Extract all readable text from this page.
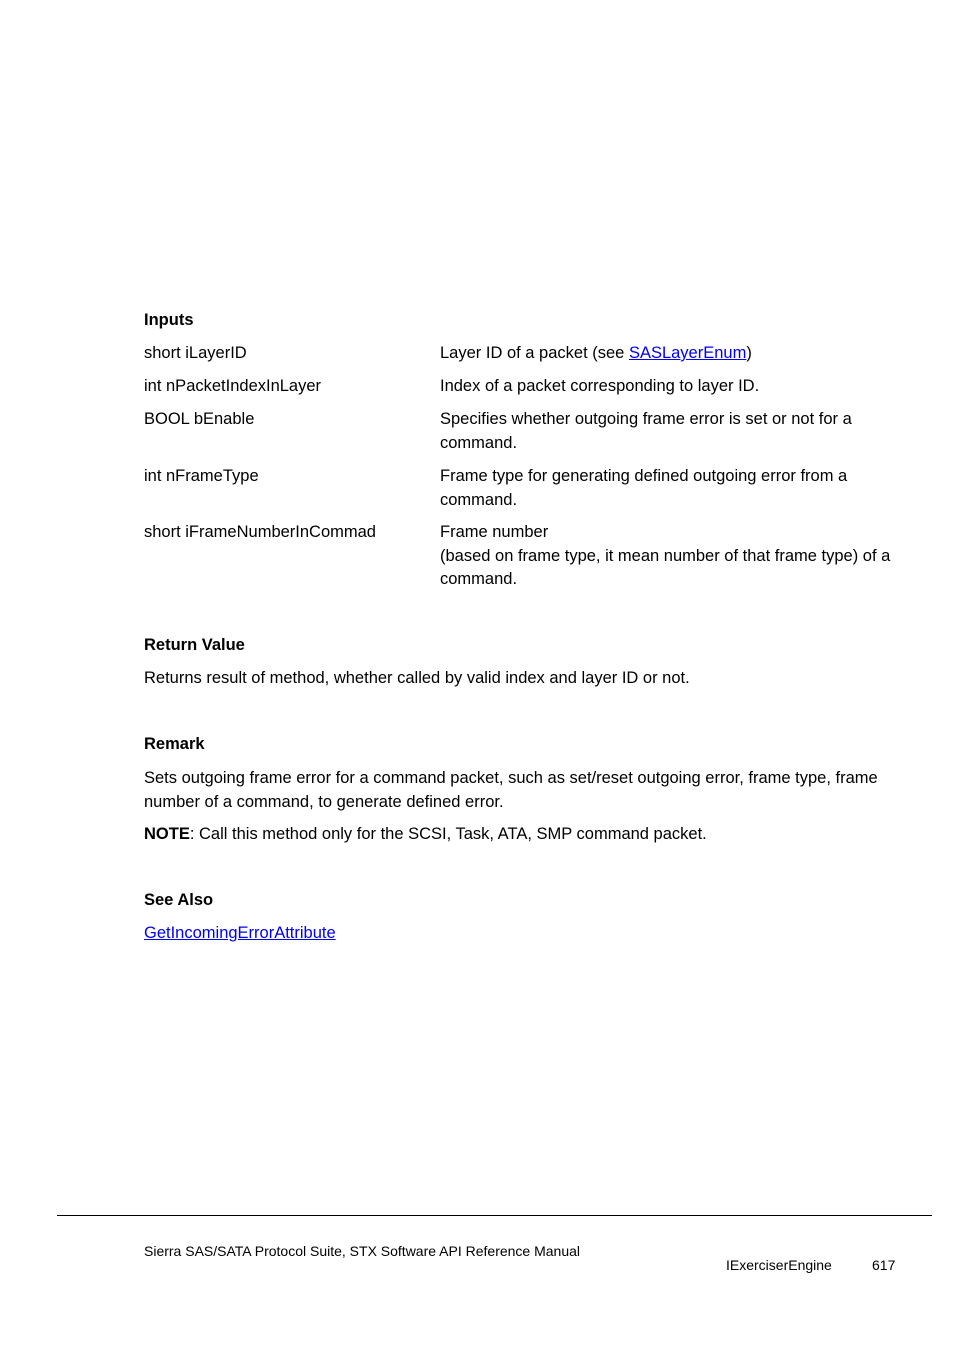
Inputs
short iLayerID	Layer ID of a packet (see SASLayerEnum)
int nPacketIndexInLayer	Index of a packet corresponding to layer ID.
BOOL bEnable	Specifies whether outgoing frame error is set or not for a command.
int nFrameType	Frame type for generating defined outgoing error from a command.
short iFrameNumberInCommad	Frame number
(based on frame type, it mean number of that frame type) of a command.
Return Value
Returns result of method, whether called by valid index and layer ID or not.
Remark
Sets outgoing frame error for a command packet, such as set/reset outgoing error, frame type, frame number of a command, to generate defined error.
NOTE: Call this method only for the SCSI, Task, ATA, SMP command packet.
See Also
GetIncomingErrorAttribute
Sierra SAS/SATA Protocol Suite, STX Software API Reference Manual
IExerciserEngine	617
